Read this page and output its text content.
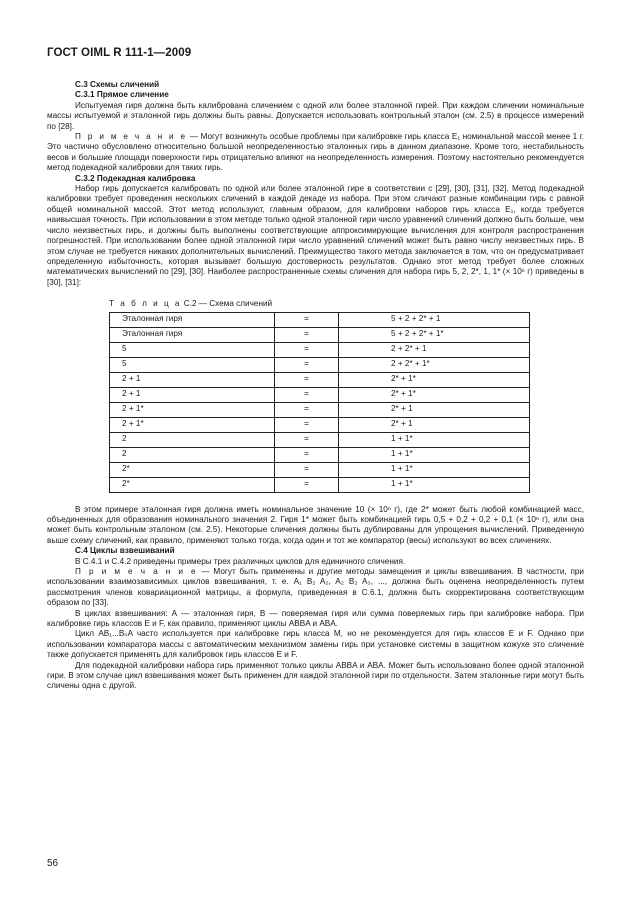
ГОСТ OIML R 111-1—2009
С.3 Схемы сличений
С.3.1 Прямое сличение

Испытуемая гиря должна быть калибрована сличением с одной или более эталонной гирей. При каждом сличении номинальные массы испытуемой и эталонной гирь должны быть равны. Допускается использовать контрольный эталон (см. 2.5) в процессе измерений по [28].

П р и м е ч а н и е — Могут возникнуть особые проблемы при калибровке гирь класса E₁ номинальной массой менее 1 г. Это частично обусловлено относительно большой неопределенностью эталонных гирь в данном диапазоне. Кроме того, нестабильность весов и большие площади поверхности гирь отрицательно влияют на неопределенность измерения. Поэтому настоятельно рекомендуется метод подекадной калибровки для таких гирь.

С.3.2 Подекадная калибровка

Набор гирь допускается калибровать по одной или более эталонной гире в соответствии с [29], [30], [31], [32]. Метод подекадной калибровки требует проведения нескольких сличений в каждой декаде из набора. При этом сличают разные комбинации гирь с равной общей номинальной массой. Этот метод используют, главным образом, для калибровки наборов гирь класса E₁, когда требуется наивысшая точность. При использовании в этом методе только одной эталонной гири число уравнений сличений должно быть больше, чем число неизвестных гирь, и должны быть выполнены соответствующие аппроксимирующие вычисления для контроля распространения погрешностей. При использовании более одной эталонной гири число уравнений сличений может быть равно числу неизвестных гирь. В этом случае не требуется никаких дополнительных вычислений. Преимущество такого метода заключается в том, что он предусматривает определенную избыточность, которая вызывает большую достоверность результатов. Однако этот метод требует более сложных математических вычислений по [29], [30]. Наиболее распространенные схемы сличения для набора гирь 5, 2, 2*, 1, 1* (× 10ⁿ г) приведены в [30], [31]:

Т а б л и ц а С.2 — Схема сличений
Эталонная гиря	=	5 + 2 + 2* + 1
Эталонная гиря	=	5 + 2 + 2* + 1*
5	=	2 + 2* + 1
5	=	2 + 2* + 1*
2 + 1	=	2* + 1*
2 + 1	=	2* + 1*
2 + 1*	=	2* + 1
2 + 1*	=	2* + 1
2	=	1 + 1*
2	=	1 + 1*
2*	=	1 + 1*
2*	=	1 + 1*

В этом примере эталонная гиря должна иметь номинальное значение 10 (× 10ⁿ г), где 2* может быть любой комбинацией масс, объединенных для образования номинального значения 2. Гиря 1* может быть комбинацией гирь 0,5 + 0,2 + 0,2 + 0,1 (× 10ⁿ г), или она может быть контрольным эталоном (см. 2.5). Некоторые сличения должны быть дублированы для упрощения вычислений. Приведенную выше схему сличений, как правило, применяют только тогда, когда один и тот же компаратор (весы) используют во всех сличениях.

С.4 Циклы взвешиваний

В С.4.1 и С.4.2 приведены примеры трех различных циклов для единичного сличения.

П р и м е ч а н и е — Могут быть применены и другие методы замещения и циклы взвешивания. В частности, при использовании взаимозависимых циклов взвешивания, т. е. A₁ B₂ A₂, A₂ B₂ A₃, ..., должна быть оценена неопределенность путем рассмотрения членов ковариационной матрицы, а формула, приведенная в С.6.1, должна быть скорректирована соответствующим образом по [33].

В циклах взвешивания: А — эталонная гиря, В — поверяемая гиря или сумма поверяемых гирь при калибровке набора. При калибровке гирь классов E и F, как правило, применяют циклы ABBA и ABA.

Цикл AB₁...BₙA часто используется при калибровке гирь класса М, но не рекомендуется для гирь классов E и F. Однако при использовании компаратора массы с автоматическим механизмом замены гирь при установке системы в защитном кожухе это сличение также допускается применять для калибровок гирь классов E и F.

Для подекадной калибровки набора гирь применяют только циклы ABBA и ABA. Может быть использовано более одной эталонной гири. В этом случае цикл взвешивания может быть применен для каждой эталонной гири по отдельности. Затем эталонные гири могут быть сличены одна с другой.

56
